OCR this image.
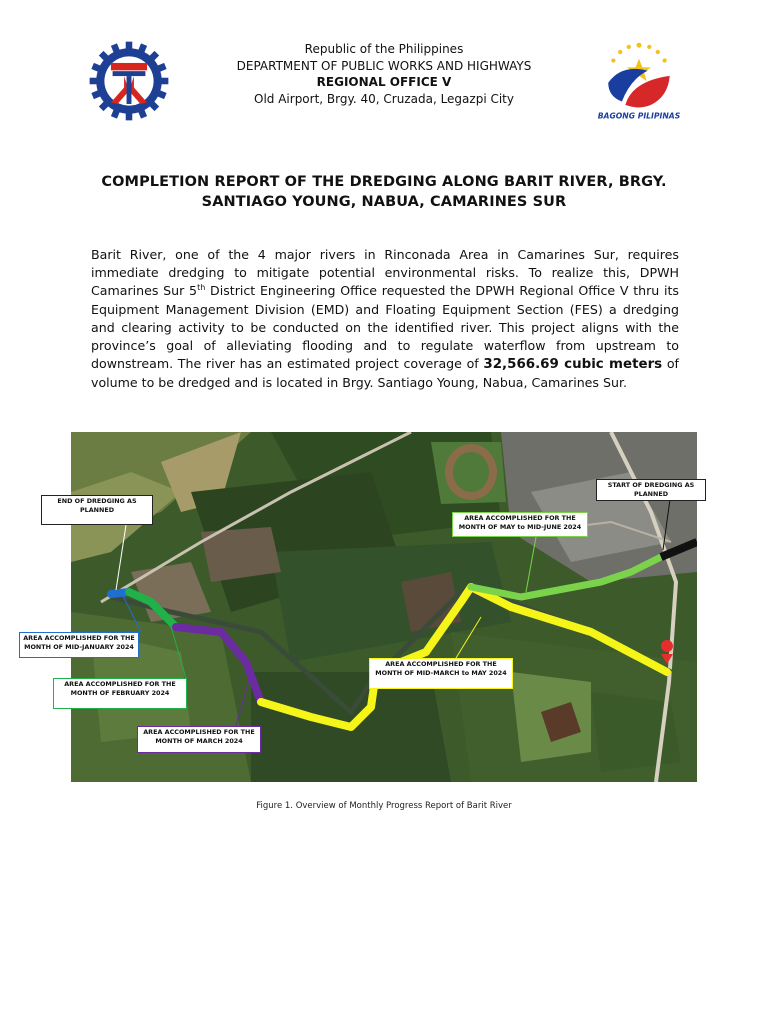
Republic of the Philippines
DEPARTMENT OF PUBLIC WORKS AND HIGHWAYS
REGIONAL OFFICE V
Old Airport, Brgy. 40, Cruzada, Legazpi City
BAGONG PILIPINAS
COMPLETION REPORT OF THE DREDGING ALONG BARIT RIVER, BRGY.
SANTIAGO YOUNG, NABUA, CAMARINES SUR
Barit River, one of the 4 major rivers in Rinconada Area in Camarines Sur, requires immediate dredging to mitigate potential environmental risks. To realize this, DPWH Camarines Sur 5th District Engineering Office requested the DPWH Regional Office V thru its Equipment Management Division (EMD) and Floating Equipment Section (FES) a dredging and clearing activity to be conducted on the identified river. This project aligns with the province’s goal of alleviating flooding and to regulate waterflow from upstream to downstream. The river has an estimated project coverage of 32,566.69 cubic meters of volume to be dredged and is located in Brgy. Santiago Young, Nabua, Camarines Sur.
END OF DREDGING AS PLANNED
START OF DREDGING AS PLANNED
AREA ACCOMPLISHED FOR THE MONTH OF MAY to MID-JUNE 2024
AREA ACCOMPLISHED FOR THE MONTH OF MID-JANUARY 2024
AREA ACCOMPLISHED FOR THE MONTH OF FEBRUARY 2024
AREA ACCOMPLISHED FOR THE MONTH OF MARCH 2024
AREA ACCOMPLISHED FOR THE MONTH OF MID-MARCH to MAY 2024
Figure 1. Overview of Monthly Progress Report of Barit River
